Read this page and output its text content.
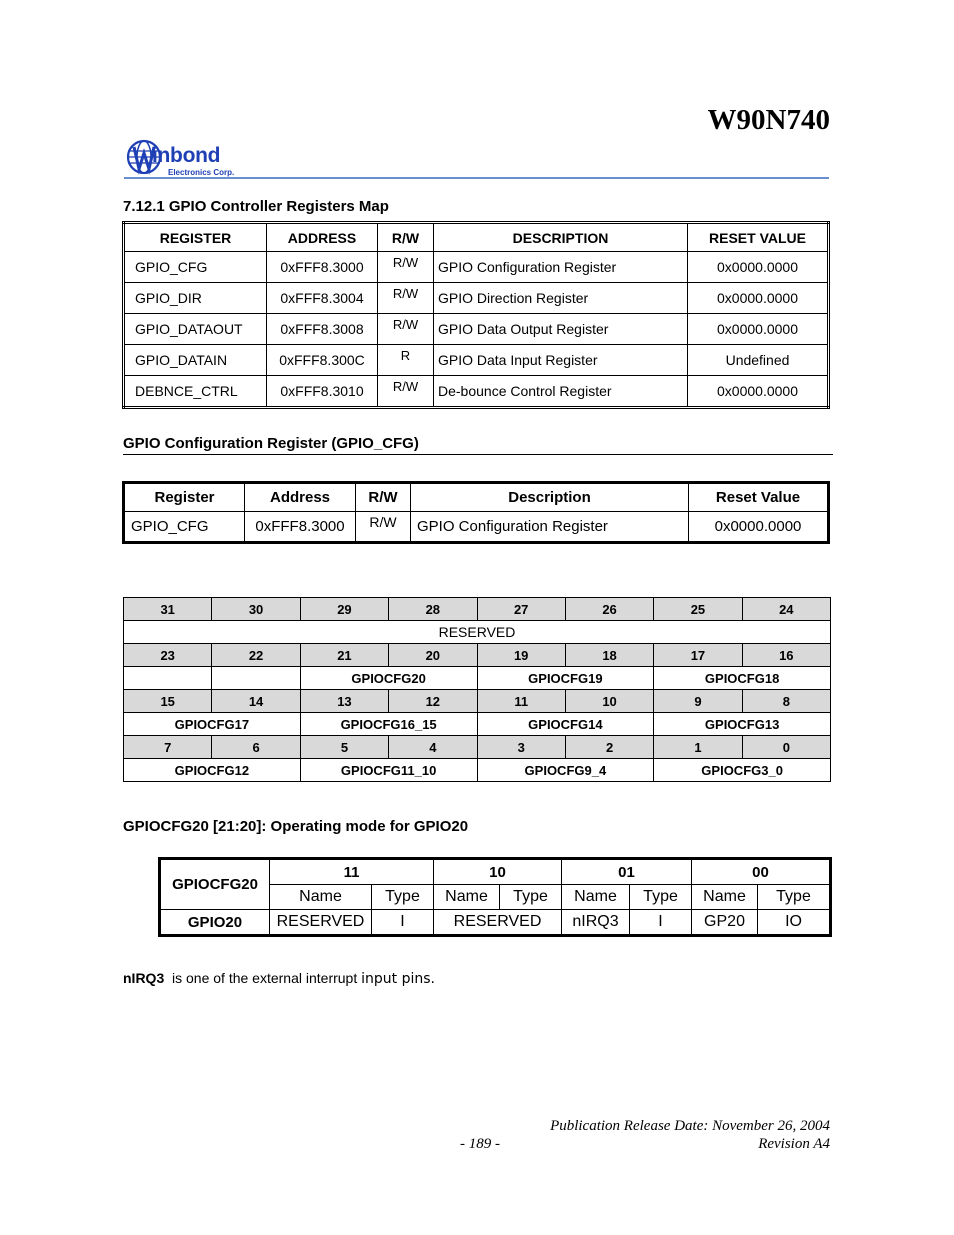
W90N740
inbond
Electronics Corp.
7.12.1 GPIO Controller Registers Map
REGISTER	ADDRESS	R/W	DESCRIPTION	RESET VALUE
GPIO_CFG	0xFFF8.3000	R/W	GPIO Configuration Register	0x0000.0000
GPIO_DIR	0xFFF8.3004	R/W	GPIO Direction Register	0x0000.0000
GPIO_DATAOUT	0xFFF8.3008	R/W	GPIO Data Output Register	0x0000.0000
GPIO_DATAIN	0xFFF8.300C	R	GPIO Data Input Register	Undefined
DEBNCE_CTRL	0xFFF8.3010	R/W	De-bounce Control Register	0x0000.0000
GPIO Configuration Register (GPIO_CFG)
Register	Address	R/W	Description	Reset Value
GPIO_CFG	0xFFF8.3000	R/W	GPIO Configuration Register	0x0000.0000
31	30	29	28	27	26	25	24
RESERVED							
23	22	21	20	19	18	17	16
		GPIOCFG20		GPIOCFG19		GPIOCFG18	
15	14	13	12	11	10	9	8
GPIOCFG17		GPIOCFG16_15		GPIOCFG14		GPIOCFG13	
7	6	5	4	3	2	1	0
GPIOCFG12		GPIOCFG11_10		GPIOCFG9_4		GPIOCFG3_0	
GPIOCFG20 [21:20]: Operating mode for GPIO20
GPIOCFG20	11		10		01		00	
	Name	Type	Name	Type	Name	Type	Name	Type
GPIO20	RESERVED	I	RESERVED		nIRQ3	I	GP20	IO
nIRQ3 is one of the external interrupt input pins.
Publication Release Date: November 26, 2004
- 189 -	Revision A4
